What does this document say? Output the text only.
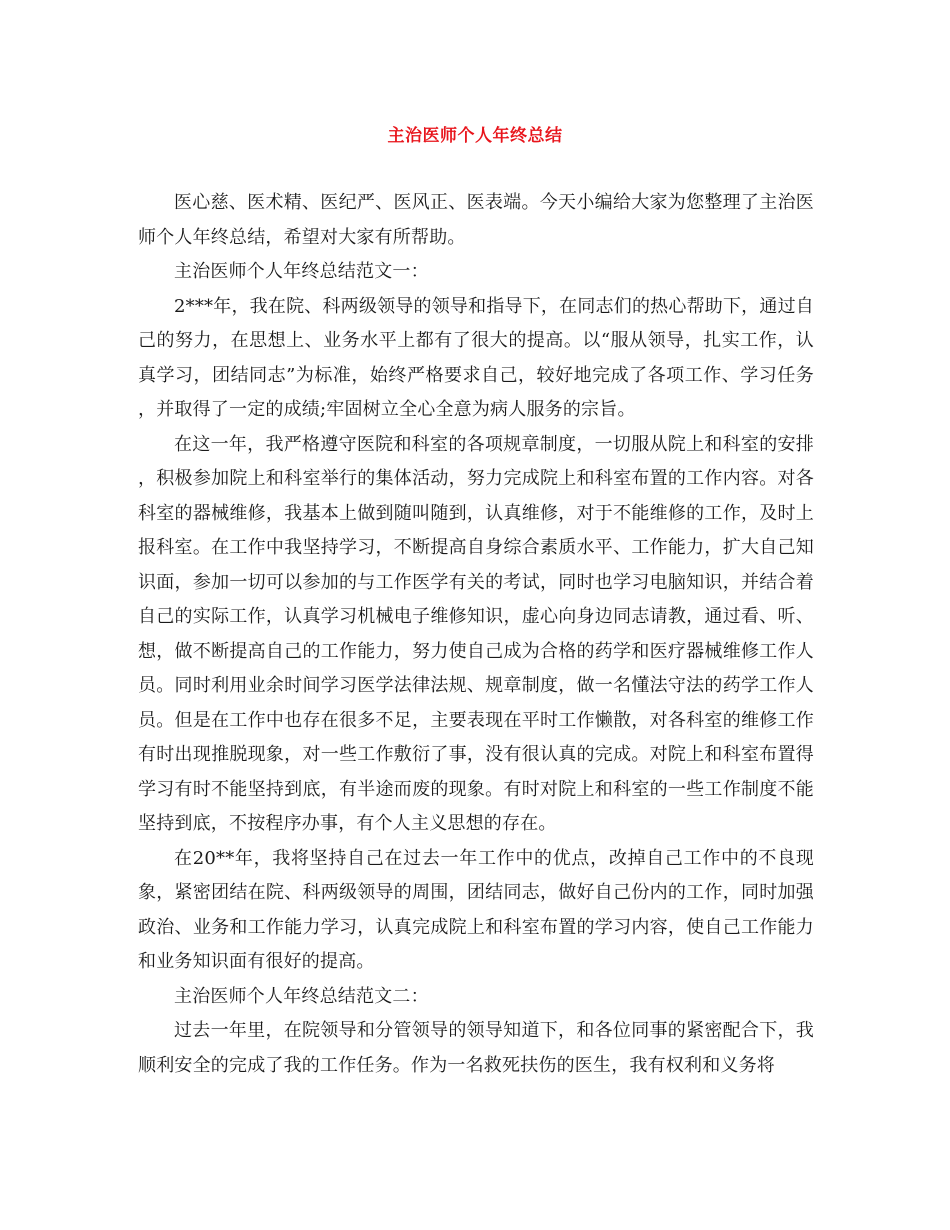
主治医师个人年终总结

医心慈、医术精、医纪严、医风正、医表端。今天小编给大家为您整理了主治医师个人年终总结，希望对大家有所帮助。

主治医师个人年终总结范文一：

2***年，我在院、科两级领导的领导和指导下，在同志们的热心帮助下，通过自己的努力，在思想上、业务水平上都有了很大的提高。以“服从领导，扎实工作，认真学习，团结同志”为标准，始终严格要求自己，较好地完成了各项工作、学习任务，并取得了一定的成绩;牢固树立全心全意为病人服务的宗旨。

在这一年，我严格遵守医院和科室的各项规章制度，一切服从院上和科室的安排，积极参加院上和科室举行的集体活动，努力完成院上和科室布置的工作内容。对各科室的器械维修，我基本上做到随叫随到，认真维修，对于不能维修的工作，及时上报科室。在工作中我坚持学习，不断提高自身综合素质水平、工作能力，扩大自己知识面，参加一切可以参加的与工作医学有关的考试，同时也学习电脑知识，并结合着自己的实际工作，认真学习机械电子维修知识，虚心向身边同志请教，通过看、听、想，做不断提高自己的工作能力，努力使自己成为合格的药学和医疗器械维修工作人员。同时利用业余时间学习医学法律法规、规章制度，做一名懂法守法的药学工作人员。但是在工作中也存在很多不足，主要表现在平时工作懒散，对各科室的维修工作有时出现推脱现象，对一些工作敷衍了事，没有很认真的完成。对院上和科室布置得学习有时不能坚持到底，有半途而废的现象。有时对院上和科室的一些工作制度不能坚持到底，不按程序办事，有个人主义思想的存在。

在20**年，我将坚持自己在过去一年工作中的优点，改掉自己工作中的不良现象，紧密团结在院、科两级领导的周围，团结同志，做好自己份内的工作，同时加强政治、业务和工作能力学习，认真完成院上和科室布置的学习内容，使自己工作能力和业务知识面有很好的提高。

主治医师个人年终总结范文二：

过去一年里，在院领导和分管领导的领导知道下，和各位同事的紧密配合下，我顺利安全的完成了我的工作任务。作为一名救死扶伤的医生，我有权利和义务将
